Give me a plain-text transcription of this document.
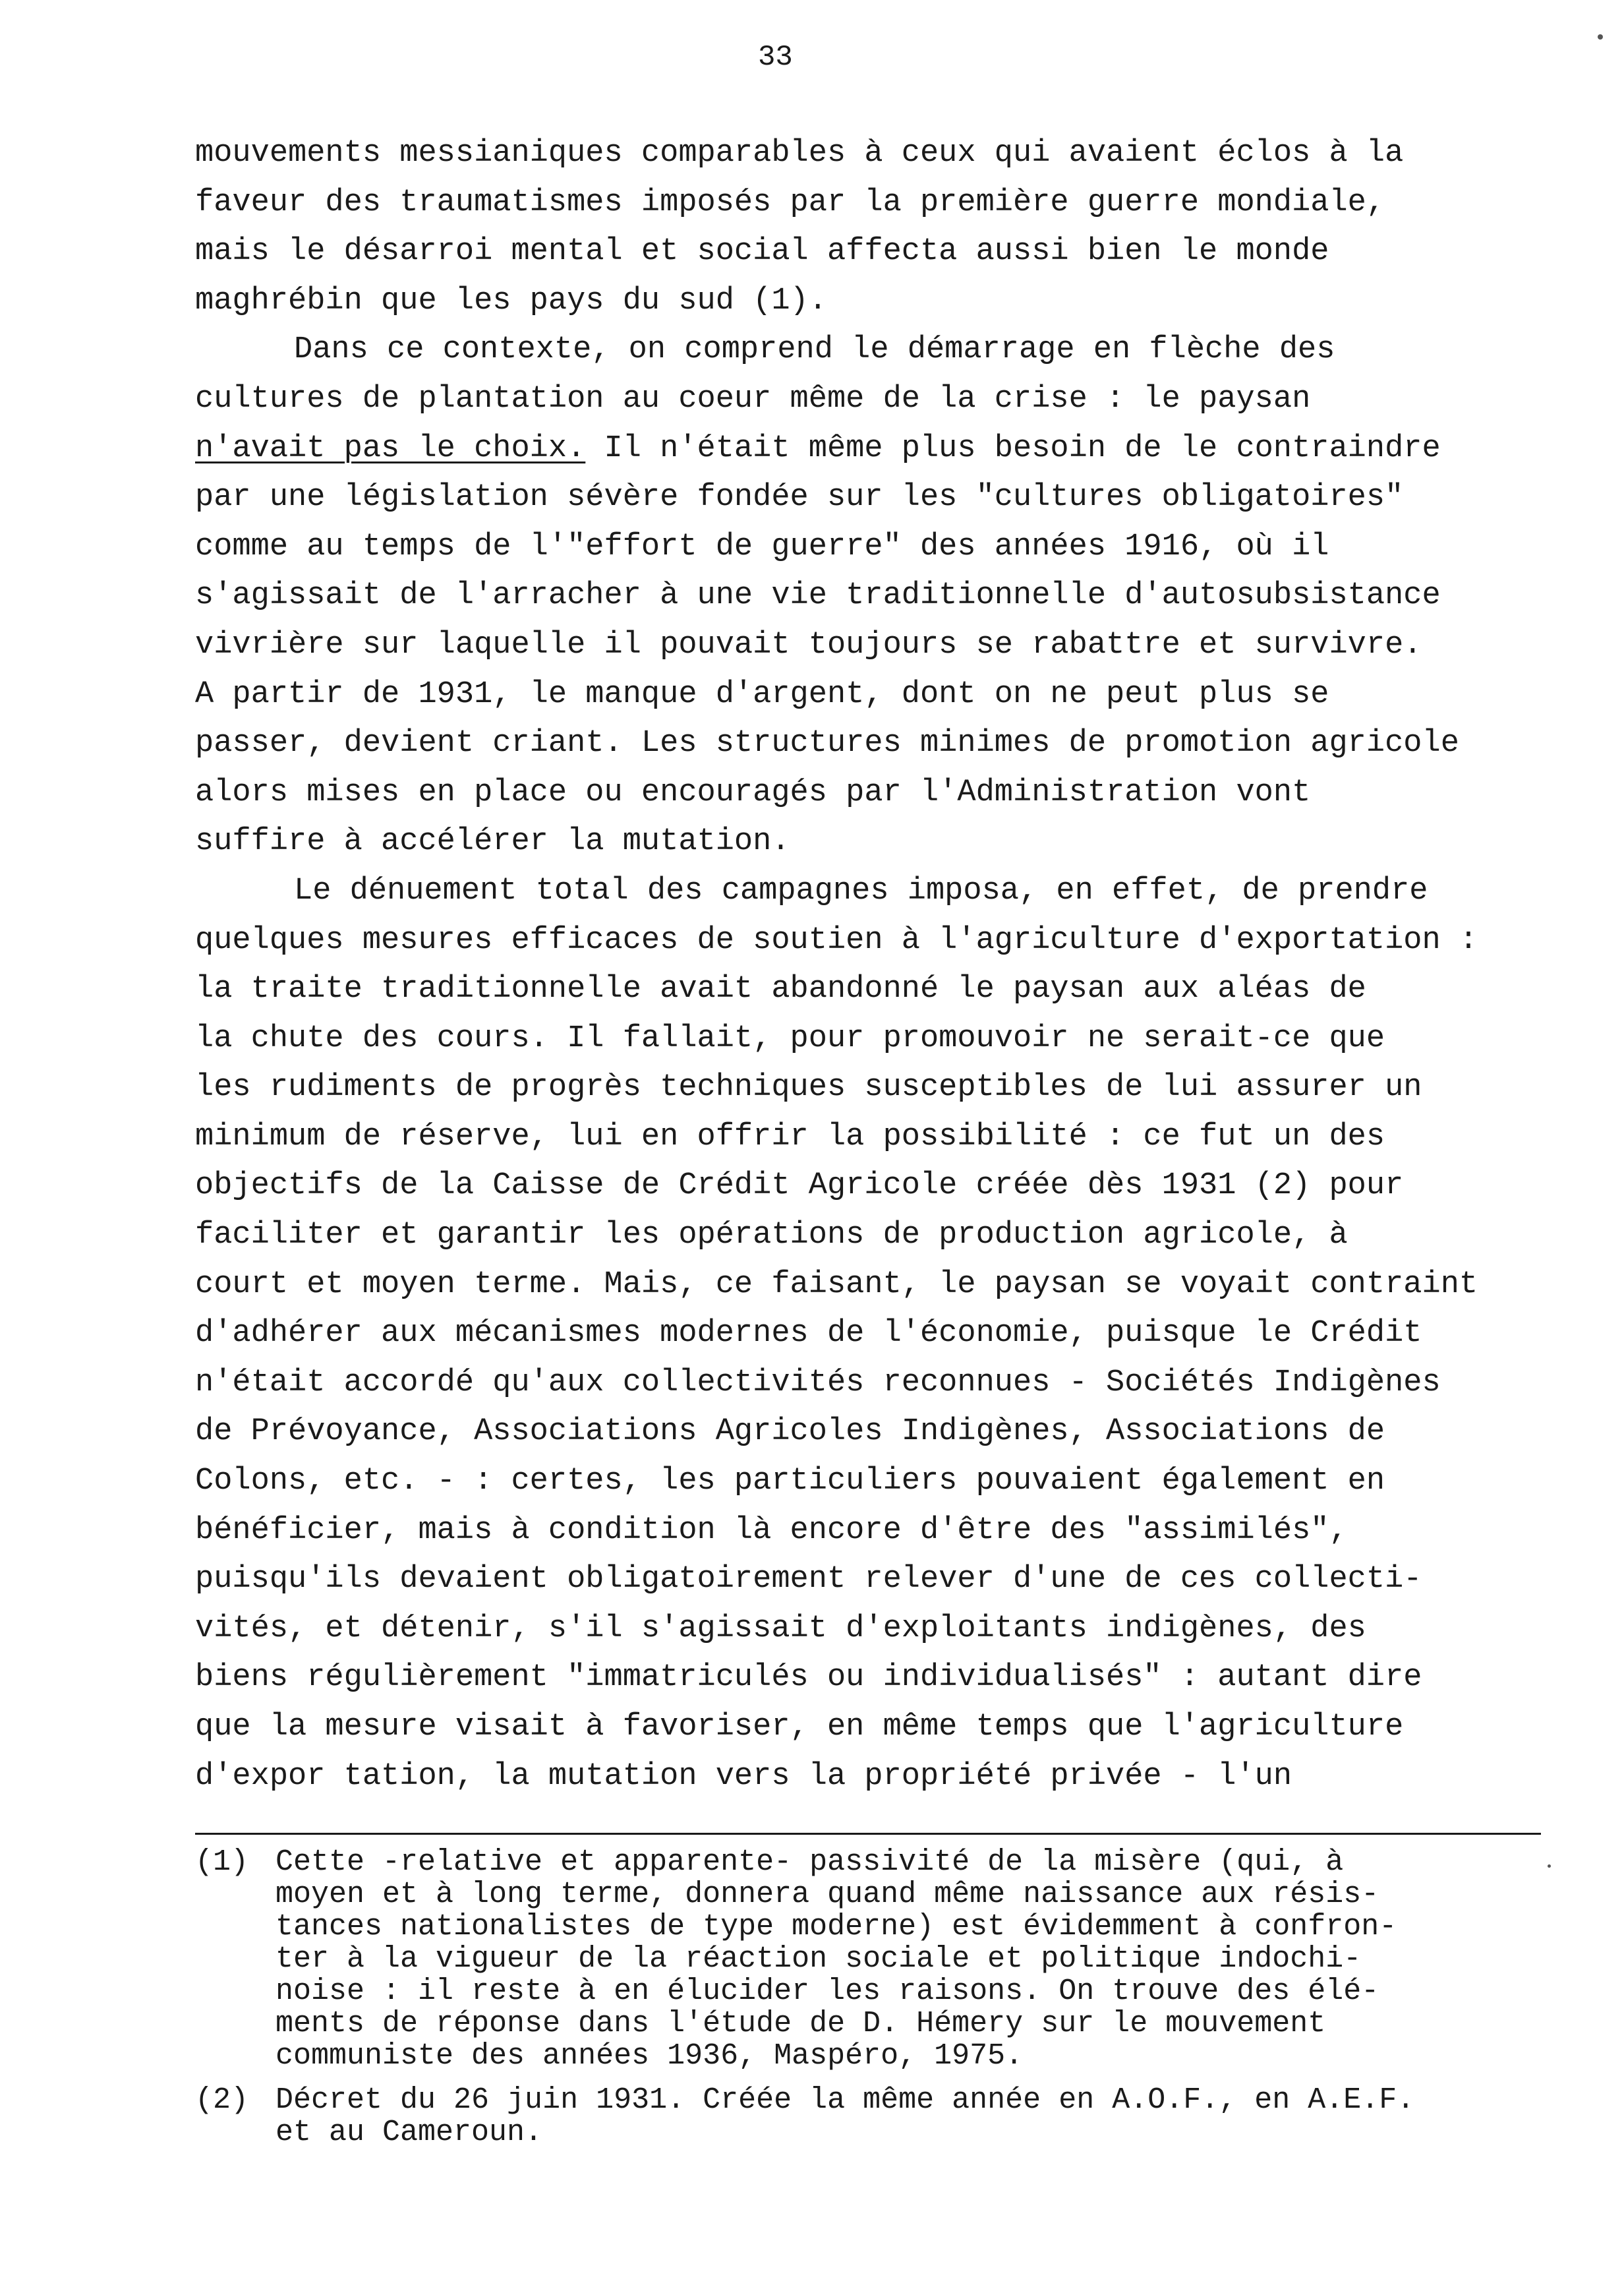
33
mouvements messianiques comparables à ceux qui avaient éclos à la
faveur des traumatismes imposés par la première guerre mondiale,
mais le désarroi mental et social affecta aussi bien le monde
maghrébin que les pays du sud (1).
Dans ce contexte, on comprend le démarrage en flèche des
cultures de plantation au coeur même de la crise : le paysan
n'avait pas le choix. Il n'était même plus besoin de le contraindre
par une législation sévère fondée sur les "cultures obligatoires"
comme au temps de l'"effort de guerre" des années 1916, où il
s'agissait de l'arracher à une vie traditionnelle d'autosubsistance
vivrière sur laquelle il pouvait toujours se rabattre et survivre.
A partir de 1931, le manque d'argent, dont on ne peut plus se
passer, devient criant. Les structures minimes de promotion agricole
alors mises en place ou encouragés par l'Administration vont
suffire à accélérer la mutation.
Le dénuement total des campagnes imposa, en effet, de prendre
quelques mesures efficaces de soutien à l'agriculture d'exportation :
la traite traditionnelle avait abandonné le paysan aux aléas de
la chute des cours. Il fallait, pour promouvoir ne serait-ce que
les rudiments de progrès techniques susceptibles de lui assurer un
minimum de réserve, lui en offrir la possibilité : ce fut un des
objectifs de la Caisse de Crédit Agricole créée dès 1931 (2) pour
faciliter et garantir les opérations de production agricole, à
court et moyen terme. Mais, ce faisant, le paysan se voyait contraint
d'adhérer aux mécanismes modernes de l'économie, puisque le Crédit
n'était accordé qu'aux collectivités reconnues - Sociétés Indigènes
de Prévoyance, Associations Agricoles Indigènes, Associations de
Colons, etc. - : certes, les particuliers pouvaient également en
bénéficier, mais à condition là encore d'être des "assimilés",
puisqu'ils devaient obligatoirement relever d'une de ces collecti-
vités, et détenir, s'il s'agissait d'exploitants indigènes, des
biens régulièrement "immatriculés ou individualisés" : autant dire
que la mesure visait à favoriser, en même temps que l'agriculture
d'expor tation, la mutation vers la propriété privée - l'un
(1) Cette -relative et apparente- passivité de la misère (qui, à
moyen et à long terme, donnera quand même naissance aux résis-
tances nationalistes de type moderne) est évidemment à confron-
ter à la vigueur de la réaction sociale et politique indochi-
noise : il reste à en élucider les raisons. On trouve des élé-
ments de réponse dans l'étude de D. Hémery sur le mouvement
communiste des années 1936, Maspéro, 1975.
(2) Décret du 26 juin 1931. Créée la même année en A.O.F., en A.E.F.
et au Cameroun.
